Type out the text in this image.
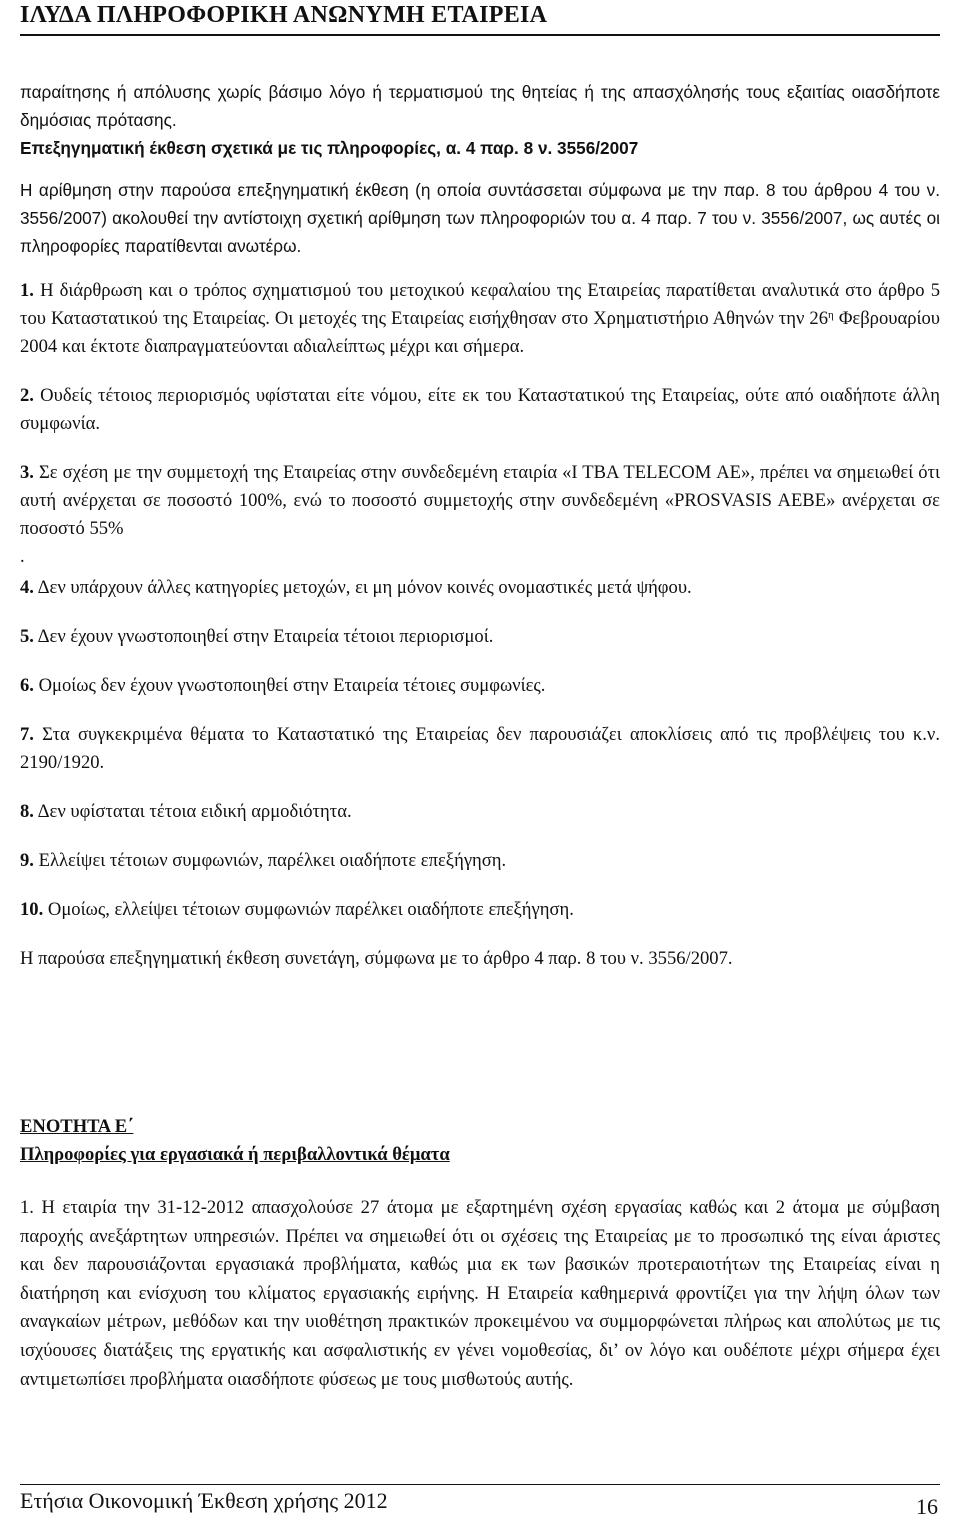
ΙΛΥΔΑ ΠΛΗΡΟΦΟΡΙΚΗ ΑΝΩΝΥΜΗ ΕΤΑΙΡΕΙΑ

παραίτησης ή απόλυσης χωρίς βάσιμο λόγο ή τερματισμού της θητείας ή της απασχόλησής τους εξαιτίας οιασδήποτε δημόσιας πρότασης.

Επεξηγηματική έκθεση σχετικά με τις πληροφορίες, α. 4 παρ. 8 ν. 3556/2007

Η αρίθμηση στην παρούσα επεξηγηματική έκθεση (η οποία συντάσσεται σύμφωνα με την παρ. 8 του άρθρου 4 του ν. 3556/2007) ακολουθεί την αντίστοιχη σχετική αρίθμηση των πληροφοριών του α. 4 παρ. 7 του ν. 3556/2007, ως αυτές οι πληροφορίες παρατίθενται ανωτέρω.

1. Η διάρθρωση και ο τρόπος σχηματισμού του μετοχικού κεφαλαίου της Εταιρείας παρατίθεται αναλυτικά στο άρθρο 5 του Καταστατικού της Εταιρείας. Οι μετοχές της Εταιρείας εισήχθησαν στο Χρηματιστήριο Αθηνών την $26^\eta$ Φεβρουαρίου 2004 και έκτοτε διαπραγματεύονται αδιαλείπτως μέχρι και σήμερα.

2. Ουδείς τέτοιος περιορισμός υφίσταται είτε νόμου, είτε εκ του Καταστατικού της Εταιρείας, ούτε από οιαδήποτε άλλη συμφωνία.

3. Σε σχέση με την συμμετοχή της Εταιρείας στην συνδεδεμένη εταιρία «Ι ΤΒΑ TELECOM ΑΕ», πρέπει να σημειωθεί ότι αυτή ανέρχεται σε ποσοστό 100%, ενώ το ποσοστό συμμετοχής στην συνδεδεμένη «PROSVASIS AEBE» ανέρχεται σε ποσοστό 55%
.

4. Δεν υπάρχουν άλλες κατηγορίες μετοχών, ει μη μόνον κοινές ονομαστικές μετά ψήφου.

5. Δεν έχουν γνωστοποιηθεί στην Εταιρεία τέτοιοι περιορισμοί.

6. Ομοίως δεν έχουν γνωστοποιηθεί στην Εταιρεία τέτοιες συμφωνίες.

7. Στα συγκεκριμένα θέματα το Καταστατικό της Εταιρείας δεν παρουσιάζει αποκλίσεις από τις προβλέψεις του κ.ν. 2190/1920.

8. Δεν υφίσταται τέτοια ειδική αρμοδιότητα.

9. Ελλείψει τέτοιων συμφωνιών, παρέλκει οιαδήποτε επεξήγηση.

10. Ομοίως, ελλείψει τέτοιων συμφωνιών παρέλκει οιαδήποτε επεξήγηση.

Η παρούσα επεξηγηματική έκθεση συνετάγη, σύμφωνα με το άρθρο 4 παρ. 8 του ν. 3556/2007.

ΕΝΟΤΗΤΑ Ε΄
Πληροφορίες για εργασιακά ή περιβαλλοντικά θέματα

1. Η εταιρία την 31-12-2012 απασχολούσε 27 άτομα με εξαρτημένη σχέση εργασίας καθώς και 2 άτομα με σύμβαση παροχής ανεξάρτητων υπηρεσιών. Πρέπει να σημειωθεί ότι οι σχέσεις της Εταιρείας με το προσωπικό της είναι άριστες και δεν παρουσιάζονται εργασιακά προβλήματα, καθώς μια εκ των βασικών προτεραιοτήτων της Εταιρείας είναι η διατήρηση και ενίσχυση του κλίματος εργασιακής ειρήνης. Η Εταιρεία καθημερινά φροντίζει για την λήψη όλων των αναγκαίων μέτρων, μεθόδων και την υιοθέτηση πρακτικών προκειμένου να συμμορφώνεται πλήρως και απολύτως με τις ισχύουσες διατάξεις της εργατικής και ασφαλιστικής εν γένει νομοθεσίας, δι’ ον λόγο και ουδέποτε μέχρι σήμερα έχει αντιμετωπίσει προβλήματα οιασδήποτε φύσεως με τους μισθωτούς αυτής.

Ετήσια Οικονομική Έκθεση χρήσης 2012	16
